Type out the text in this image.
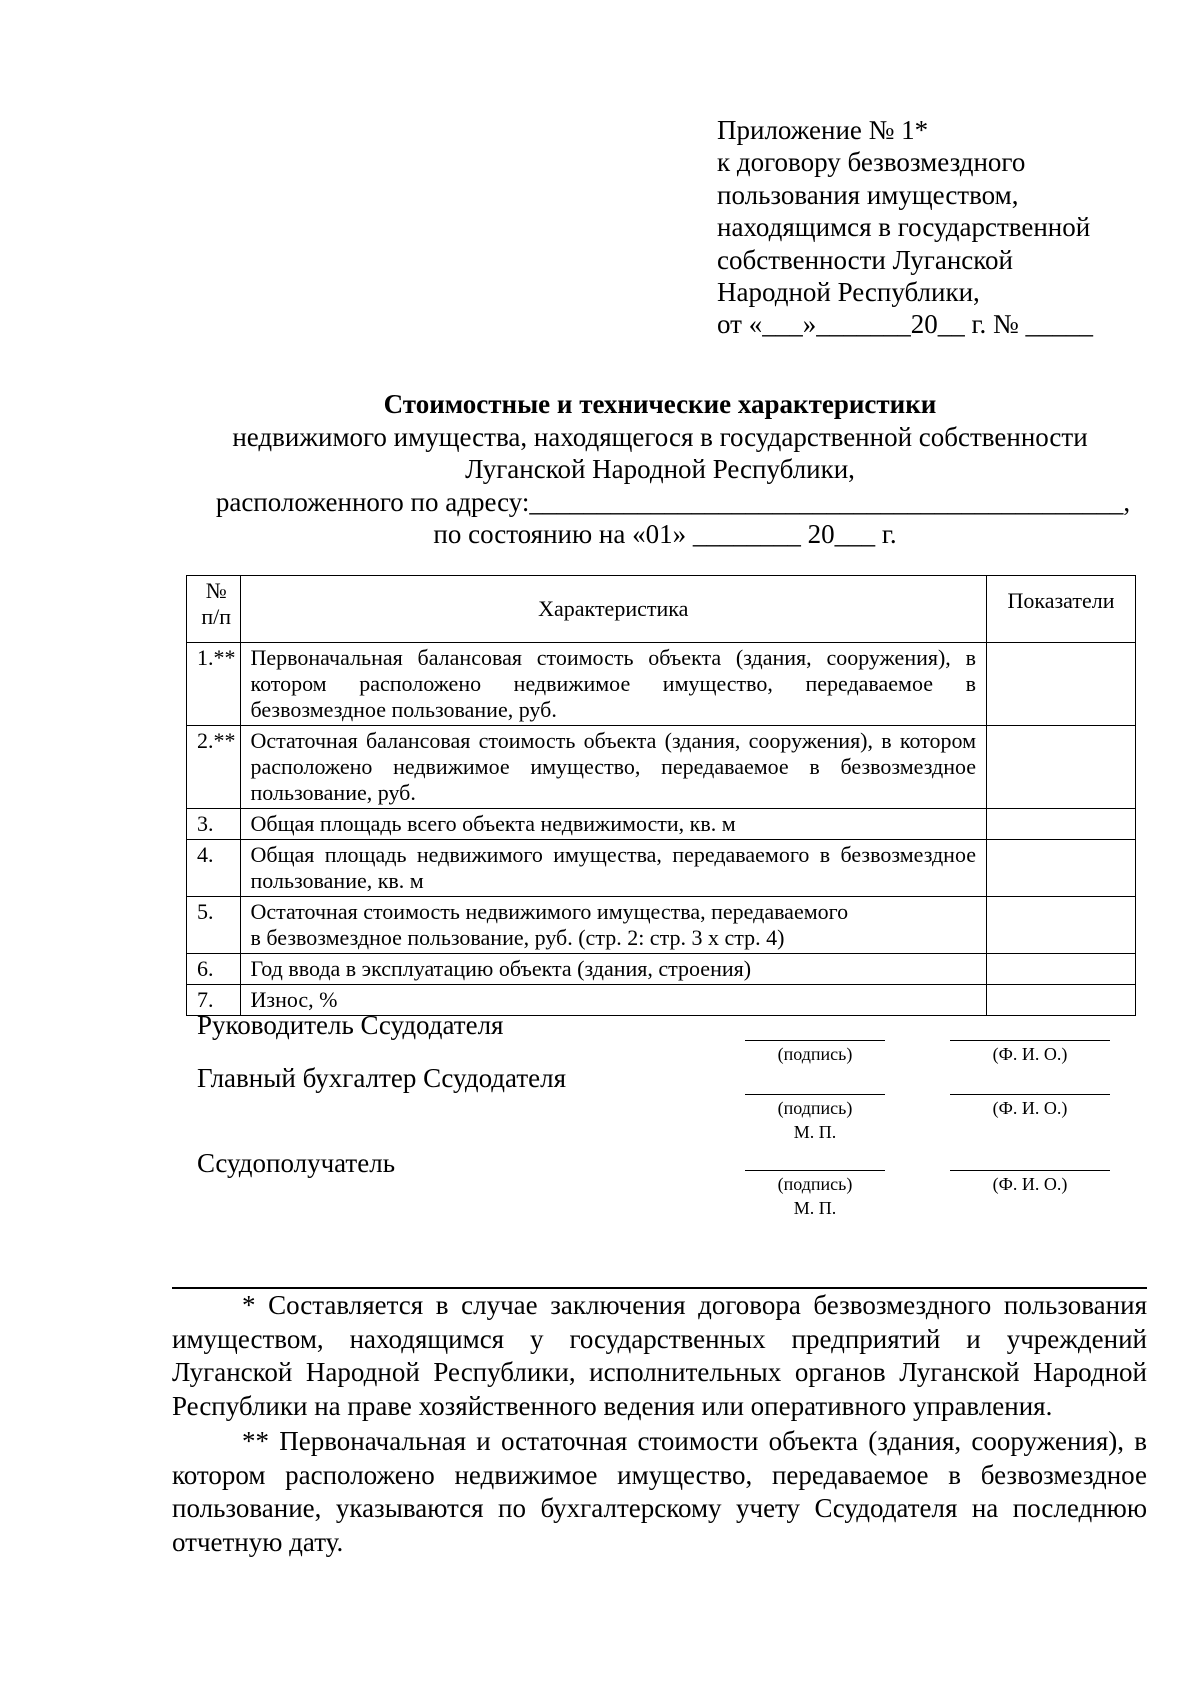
Приложение № 1*
к договору безвозмездного
пользования имуществом,
находящимся в государственной
собственности Луганской
Народной Республики,
от «___»_______20__ г. № _____
Стоимостные и технические характеристики
недвижимого имущества, находящегося в государственной собственности
Луганской Народной Республики,
расположенного по адресу:____________________________________________,
по состоянию на «01» ________ 20___ г.
№ п/п	Характеристика	Показатели
1.**	Первоначальная балансовая стоимость объекта (здания, сооружения), в котором расположено недвижимое имущество, передаваемое в безвозмездное пользование, руб.	
2.**	Остаточная балансовая стоимость объекта (здания, сооружения), в котором расположено недвижимое имущество, передаваемое в безвозмездное пользование, руб.	
3.	Общая площадь всего объекта недвижимости, кв. м	
4.	Общая площадь недвижимого имущества, передаваемого в безвозмездное пользование, кв. м	
5.	Остаточная стоимость недвижимого имущества, передаваемого
в безвозмездное пользование, руб. (стр. 2: стр. 3 х стр. 4)	

6.	Год ввода в эксплуатацию объекта (здания, строения)	
7.	Износ, %	
Руководитель Ссудодателя
(подпись)	(Ф. И. О.)
Главный бухгалтер Ссудодателя
(подпись)	(Ф. И. О.)
М. П.
Ссудополучатель
(подпись)	(Ф. И. О.)
М. П.

* Составляется в случае заключения договора безвозмездного пользования имуществом, находящимся у государственных предприятий и учреждений Луганской Народной Республики, исполнительных органов Луганской Народной Республики на праве хозяйственного ведения или оперативного управления.

** Первоначальная и остаточная стоимости объекта (здания, сооружения), в котором расположено недвижимое имущество, передаваемое в безвозмездное пользование, указываются по бухгалтерскому учету Ссудодателя на последнюю отчетную дату.
